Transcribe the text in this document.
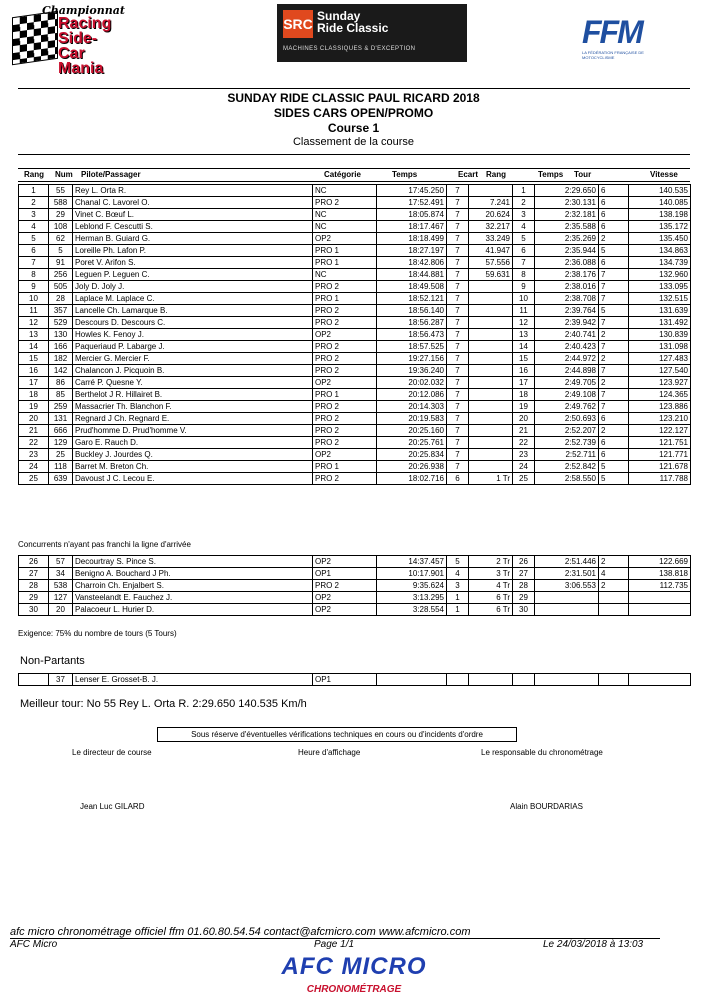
Championnat
Racing
Side-Car
Mania
SRC Sunday
Ride Classic
MACHINES CLASSIQUES & D'EXCEPTION	FFM
LA FÉDÉRATION FRANÇAISE DE MOTOCYCLISME
SUNDAY RIDE CLASSIC PAUL RICARD 2018
SIDES CARS OPEN/PROMO
Course 1
Classement de la course
Rang Num Pilote/Passager	Catégorie	Temps	Ecart Rang	Temps Tour	Vitesse
1	55	Rey L. Orta R.	NC	17:45.250	7		1	2:29.650	6	140.535
2	588	Chanal C. Lavorel O.	PRO 2	17:52.491	7	7.241	2	2:30.131	6	140.085
3	29	Vinet C. Bœuf L.	NC	18:05.874	7	20.624	3	2:32.181	6	138.198
4	108	Leblond F. Cescutti S.	NC	18:17.467	7	32.217	4	2:35.588	6	135.172
5	62	Herman B. Guiard G.	OP2	18:18.499	7	33.249	5	2:35.269	2	135.450
6	5	Loreille Ph. Lafon P.	PRO 1	18:27.197	7	41.947	6	2:35.944	5	134.863
7	91	Poret V. Arifon S.	PRO 1	18:42.806	7	57.556	7	2:36.088	6	134.739
8	256	Leguen P. Leguen C.	NC	18:44.881	7	59.631	8	2:38.176	7	132.960
9	505	Joly D. Joly J.	PRO 2	18:49.508	7		9	2:38.016	7	133.095
10	28	Laplace M. Laplace C.	PRO 1	18:52.121	7		10	2:38.708	7	132.515
11	357	Lancelle Ch. Lamarque B.	PRO 2	18:56.140	7		11	2:39.764	5	131.639
12	529	Descours D. Descours C.	PRO 2	18:56.287	7		12	2:39.942	7	131.492
13	130	Howles K. Fenoy J.	OP2	18:56.473	7		13	2:40.741	2	130.839
14	166	Paqueriaud P. Labarge J.	PRO 2	18:57.525	7		14	2:40.423	7	131.098
15	182	Mercier G. Mercier F.	PRO 2	19:27.156	7		15	2:44.972	2	127.483
16	142	Chalancon J. Picquoin B.	PRO 2	19:36.240	7		16	2:44.898	7	127.540
17	86	Carré P. Quesne Y.	OP2	20:02.032	7		17	2:49.705	2	123.927
18	85	Berthelot J R. Hillairet B.	PRO 1	20:12.086	7		18	2:49.108	7	124.365
19	259	Massacrier Th. Blanchon F.	PRO 2	20:14.303	7		19	2:49.762	7	123.886
20	131	Regnard J Ch. Regnard E.	PRO 2	20:19.583	7		20	2:50.693	6	123.210
21	666	Prud'homme D. Prud'homme V.	PRO 2	20:25.160	7		21	2:52.207	2	122.127
22	129	Garo E. Rauch D.	PRO 2	20:25.761	7		22	2:52.739	6	121.751
23	25	Buckley J. Jourdes Q.	OP2	20:25.834	7		23	2:52.711	6	121.771
24	118	Barret M. Breton Ch.	PRO 1	20:26.938	7		24	2:52.842	5	121.678
25	639	Davoust J C. Lecou E.	PRO 2	18:02.716	6	1 Tr	25	2:58.550	5	117.788
Concurrents n'ayant pas franchi la ligne d'arrivée
26	57	Decourtray S. Pince S.	OP2	14:37.457	5	2 Tr	26	2:51.446	2	122.669
27	34	Benigno A. Bouchard J Ph.	OP1	10:17.901	4	3 Tr	27	2:31.501	4	138.818
28	538	Charroin Ch. Enjalbert S.	PRO 2	9:35.624	3	4 Tr	28	3:06.553	2	112.735
29	127	Vansteelandt E. Fauchez J.	OP2	3:13.295	1	6 Tr	29			
30	20	Palacoeur L. Hurier D.	OP2	3:28.554	1	6 Tr	30			
Exigence: 75% du nombre de tours (5 Tours)
Non-Partants
	37	Lenser E. Grosset-B. J.	OP1							
Meilleur tour: No 55 Rey L. Orta R. 2:29.650 140.535 Km/h
Sous réserve d'éventuelles vérifications techniques en cours ou d'incidents d'ordre
Le directeur de course	Heure d'affichage	Le responsable du chronométrage
Jean Luc GILARD	Alain BOURDARIAS
afc micro chronométrage officiel ffm 01.60.80.54.54 contact@afcmicro.com www.afcmicro.com
AFC Micro	Page 1/1	Le 24/03/2018 à 13:03
AFC MICRO
CHRONOMÉTRAGE
